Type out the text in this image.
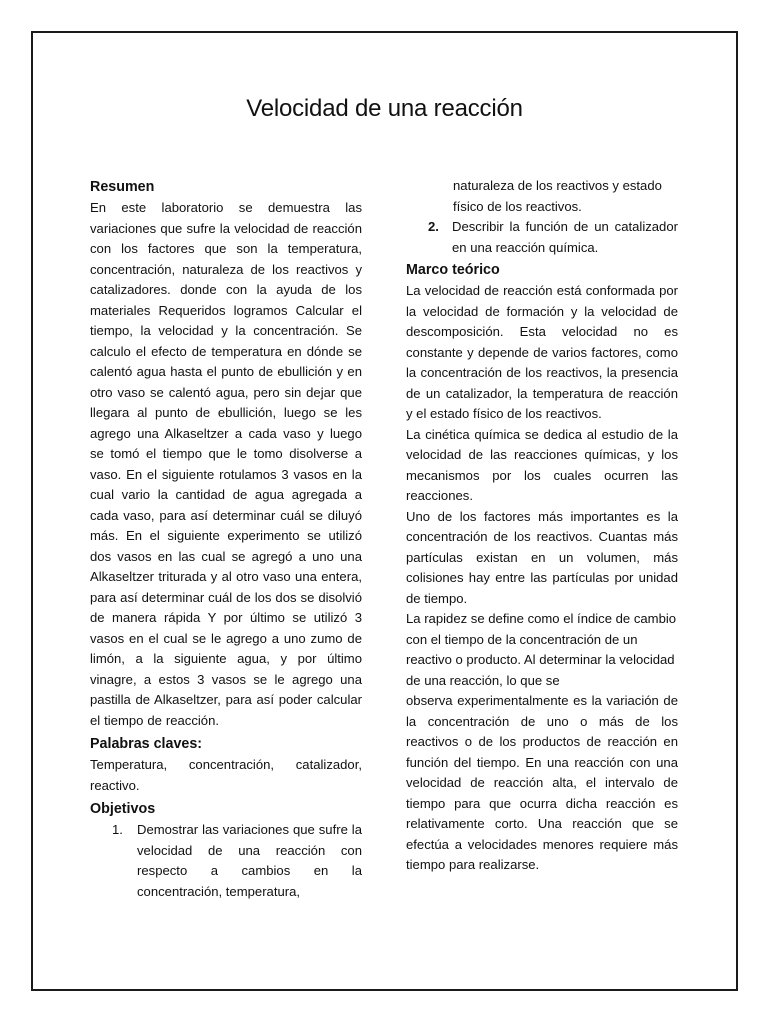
Velocidad de una reacción
Resumen

En este laboratorio se demuestra las variaciones que sufre la velocidad de reacción con los factores que son la temperatura, concentración, naturaleza de los reactivos y catalizadores. donde con la ayuda de los materiales Requeridos logramos Calcular el tiempo, la velocidad y la concentración. Se calculo el efecto de temperatura en dónde se calentó agua hasta el punto de ebullición y en otro vaso se calentó agua, pero sin dejar que llegara al punto de ebullición, luego se les agrego una Alkaseltzer a cada vaso y luego se tomó el tiempo que le tomo disolverse a vaso. En el siguiente rotulamos 3 vasos en la cual vario la cantidad de agua agregada a cada vaso, para así determinar cuál se diluyó más. En el siguiente experimento se utilizó dos vasos en las cual se agregó a uno una Alkaseltzer triturada y al otro vaso una entera, para así determinar cuál de los dos se disolvió de manera rápida Y por último se utilizó 3 vasos en el cual se le agrego a uno zumo de limón, a la siguiente agua, y por último vinagre, a estos 3 vasos se le agrego una pastilla de Alkaseltzer, para así poder calcular el tiempo de reacción.

Palabras claves:

Temperatura, concentración, catalizador, reactivo.

Objetivos
1. Demostrar las variaciones que sufre la velocidad de una reacción con respecto a cambios en la concentración, temperatura,

naturaleza de los reactivos y estado físico de los reactivos.

2. Describir la función de un catalizador en una reacción química.
Marco teórico

La velocidad de reacción está conformada por la velocidad de formación y la velocidad de descomposición. Esta velocidad no es constante y depende de varios factores, como la concentración de los reactivos, la presencia de un catalizador, la temperatura de reacción y el estado físico de los reactivos.

La cinética química se dedica al estudio de la velocidad de las reacciones químicas, y los mecanismos por los cuales ocurren las reacciones.

Uno de los factores más importantes es la concentración de los reactivos. Cuantas más partículas existan en un volumen, más colisiones hay entre las partículas por unidad de tiempo.

La rapidez se define como el índice de cambio con el tiempo de la concentración de un reactivo o producto. Al determinar la velocidad de una reacción, lo que se

observa experimentalmente es la variación de la concentración de uno o más de los reactivos o de los productos de reacción en función del tiempo. En una reacción con una velocidad de reacción alta, el intervalo de tiempo para que ocurra dicha reacción es relativamente corto. Una reacción que se efectúa a velocidades menores requiere más tiempo para realizarse.
